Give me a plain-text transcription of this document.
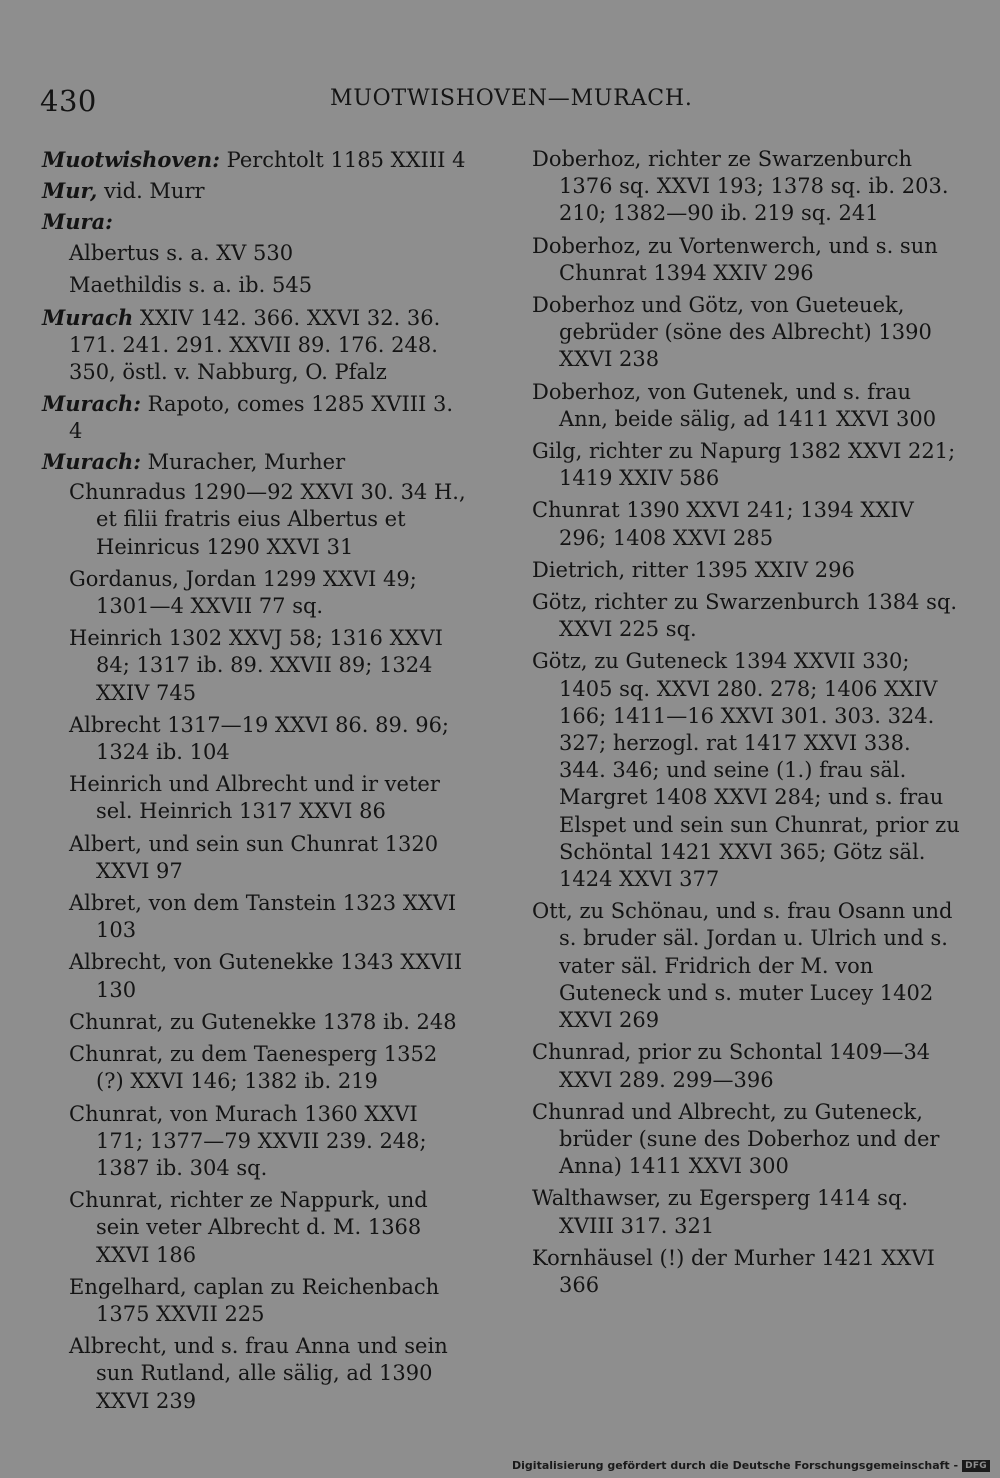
430	MUOTWISHOVEN—MURACH.
Muotwishoven: Perchtolt 1185 XXIII 4
Mur, vid. Murr
Mura:
Albertus s. a. XV 530
Maethildis s. a. ib. 545
Murach XXIV 142. 366. XXVI 32. 36. 171. 241. 291. XXVII 89. 176. 248. 350, östl. v. Nabburg, O. Pfalz
Murach: Rapoto, comes 1285 XVIII 3. 4
Murach: Muracher, Murher
Chunradus 1290—92 XXVI 30. 34 H., et filii fratris eius Albertus et Heinricus 1290 XXVI 31
Gordanus, Jordan 1299 XXVI 49; 1301—4 XXVII 77 sq.
Heinrich 1302 XXVJ 58; 1316 XXVI 84; 1317 ib. 89. XXVII 89; 1324 XXIV 745
Albrecht 1317—19 XXVI 86. 89. 96; 1324 ib. 104
Heinrich und Albrecht und ir veter sel. Heinrich 1317 XXVI 86
Albert, und sein sun Chunrat 1320 XXVI 97
Albret, von dem Tanstein 1323 XXVI 103
Albrecht, von Gutenekke 1343 XXVII 130
Chunrat, zu Gutenekke 1378 ib. 248
Chunrat, zu dem Taenesperg 1352 (?) XXVI 146; 1382 ib. 219
Chunrat, von Murach 1360 XXVI 171; 1377—79 XXVII 239. 248; 1387 ib. 304 sq.
Chunrat, richter ze Nappurk, und sein veter Albrecht d. M. 1368 XXVI 186
Engelhard, caplan zu Reichenbach 1375 XXVII 225
Albrecht, und s. frau Anna und sein sun Rutland, alle sälig, ad 1390 XXVI 239
Doberhoz, richter ze Swarzenburch 1376 sq. XXVI 193; 1378 sq. ib. 203. 210; 1382—90 ib. 219 sq. 241
Doberhoz, zu Vortenwerch, und s. sun Chunrat 1394 XXIV 296
Doberhoz und Götz, von Gueteuek, gebrüder (söne des Albrecht) 1390 XXVI 238
Doberhoz, von Gutenek, und s. frau Ann, beide sälig, ad 1411 XXVI 300
Gilg, richter zu Napurg 1382 XXVI 221; 1419 XXIV 586
Chunrat 1390 XXVI 241; 1394 XXIV 296; 1408 XXVI 285
Dietrich, ritter 1395 XXIV 296
Götz, richter zu Swarzenburch 1384 sq. XXVI 225 sq.
Götz, zu Guteneck 1394 XXVII 330; 1405 sq. XXVI 280. 278; 1406 XXIV 166; 1411—16 XXVI 301. 303. 324. 327; herzogl. rat 1417 XXVI 338. 344. 346; und seine (1.) frau säl. Margret 1408 XXVI 284; und s. frau Elspet und sein sun Chunrat, prior zu Schöntal 1421 XXVI 365; Götz säl. 1424 XXVI 377
Ott, zu Schönau, und s. frau Osann und s. bruder säl. Jordan u. Ulrich und s. vater säl. Fridrich der M. von Guteneck und s. muter Lucey 1402 XXVI 269
Chunrad, prior zu Schontal 1409—34 XXVI 289. 299—396
Chunrad und Albrecht, zu Guteneck, brüder (sune des Doberhoz und der Anna) 1411 XXVI 300
Walthawser, zu Egersperg 1414 sq. XVIII 317. 321
Kornhäusel (!) der Murher 1421 XXVI 366
Digitalisierung gefördert durch die Deutsche Forschungsgemeinschaft - DFG
